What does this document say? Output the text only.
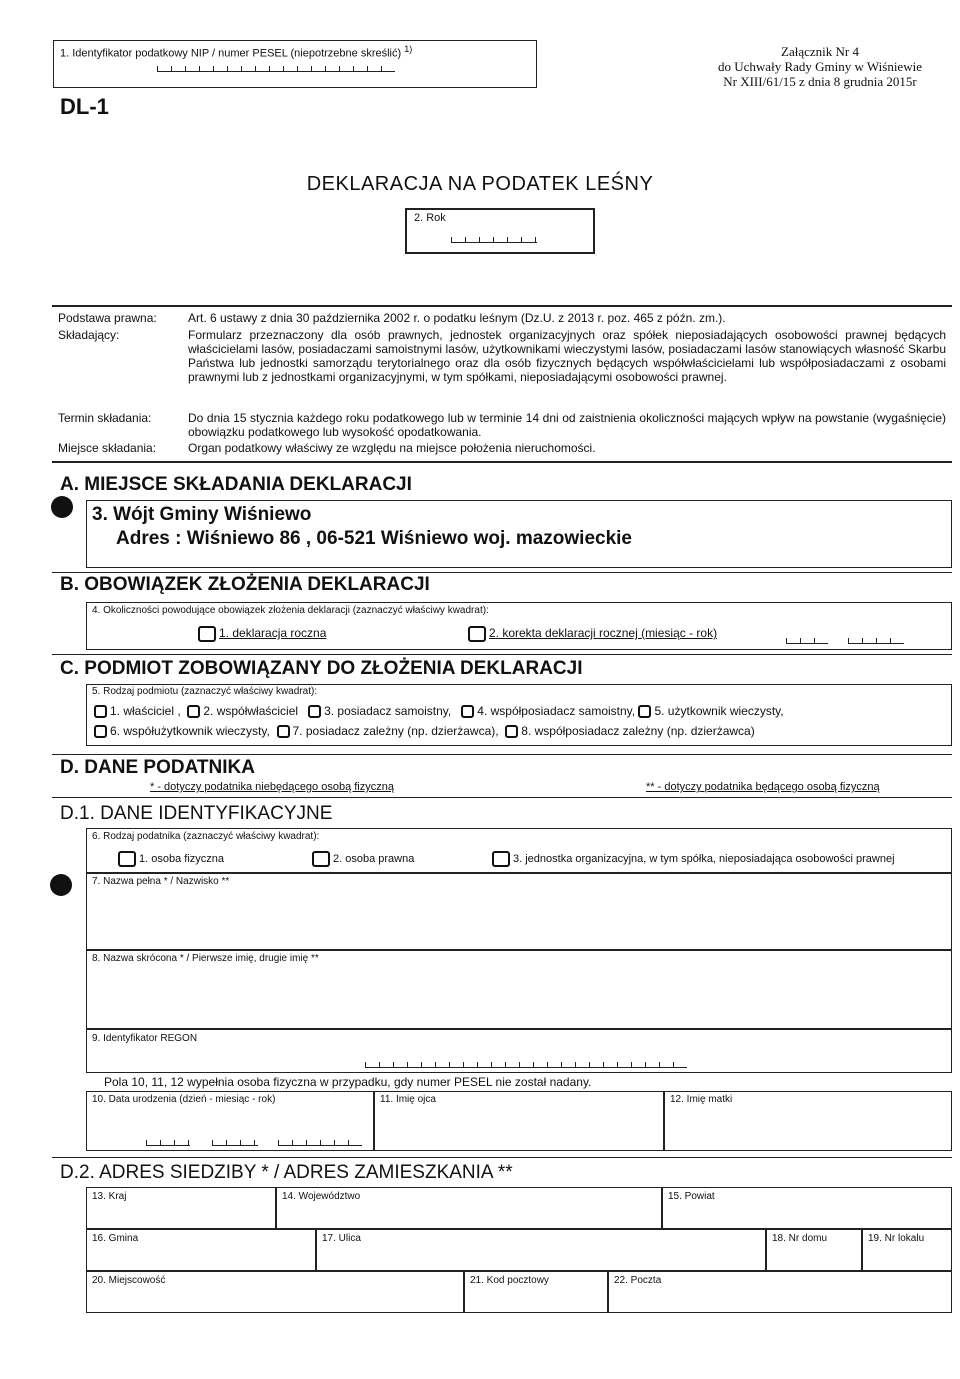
1. Identyfikator podatkowy NIP / numer PESEL (niepotrzebne skreślić) $^{1)}$
DL-1
Załącznik Nr 4
do Uchwały Rady Gminy w Wiśniewie
Nr XIII/61/15 z dnia 8 grudnia 2015r
DEKLARACJA NA PODATEK LEŚNY
2. Rok
Podstawa prawna:	Art. 6 ustawy z dnia 30 października 2002 r. o podatku leśnym (Dz.U. z 2013 r. poz. 465 z późn. zm.).
Składający:	Formularz przeznaczony dla osób prawnych, jednostek organizacyjnych oraz spółek nieposiadających osobowości prawnej będących właścicielami lasów, posiadaczami samoistnymi lasów, użytkownikami wieczystymi lasów, posiadaczami lasów stanowiących własność Skarbu Państwa lub jednostki samorządu terytorialnego oraz dla osób fizycznych będących współwłaścicielami lub współposiadaczami z osobami prawnymi lub z jednostkami organizacyjnymi, w tym spółkami, nieposiadającymi osobowości prawnej.
Termin składania:	Do dnia 15 stycznia każdego roku podatkowego lub w terminie 14 dni od zaistnienia okoliczności mających wpływ na powstanie (wygaśnięcie) obowiązku podatkowego lub wysokość opodatkowania.
Miejsce składania:	Organ podatkowy właściwy ze względu na miejsce położenia nieruchomości.
A. MIEJSCE SKŁADANIA DEKLARACJI
3. Wójt Gminy Wiśniewo
Adres : Wiśniewo 86 , 06-521 Wiśniewo woj. mazowieckie
B. OBOWIĄZEK ZŁOŻENIA DEKLARACJI
4. Okoliczności powodujące obowiązek złożenia deklaracji (zaznaczyć właściwy kwadrat):
1. deklaracja roczna	2. korekta deklaracji rocznej (miesiąc - rok)
C. PODMIOT ZOBOWIĄZANY DO ZŁOŻENIA DEKLARACJI
5. Rodzaj podmiotu (zaznaczyć właściwy kwadrat):
1. właściciel , 2. współwłaściciel 3. posiadacz samoistny, 4. współposiadacz samoistny, 5. użytkownik wieczysty,
6. współużytkownik wieczysty, 7. posiadacz zależny (np. dzierżawca), 8. współposiadacz zależny (np. dzierżawca)
D. DANE PODATNIKA
* - dotyczy podatnika niebędącego osobą fizyczną	** - dotyczy podatnika będącego osobą fizyczną
D.1. DANE IDENTYFIKACYJNE
6. Rodzaj podatnika (zaznaczyć właściwy kwadrat):
1. osoba fizyczna	2. osoba prawna	3. jednostka organizacyjna, w tym spółka, nieposiadająca osobowości prawnej
7. Nazwa pełna * / Nazwisko **
8. Nazwa skrócona * / Pierwsze imię, drugie imię **
9. Identyfikator REGON
Pola 10, 11, 12 wypełnia osoba fizyczna w przypadku, gdy numer PESEL nie został nadany.
10. Data urodzenia (dzień - miesiąc - rok)	11. Imię ojca	12. Imię matki
D.2. ADRES SIEDZIBY * / ADRES ZAMIESZKANIA **
13. Kraj	14. Województwo	15. Powiat
16. Gmina	17. Ulica	18. Nr domu	19. Nr lokalu
20. Miejscowość	21. Kod pocztowy	22. Poczta
